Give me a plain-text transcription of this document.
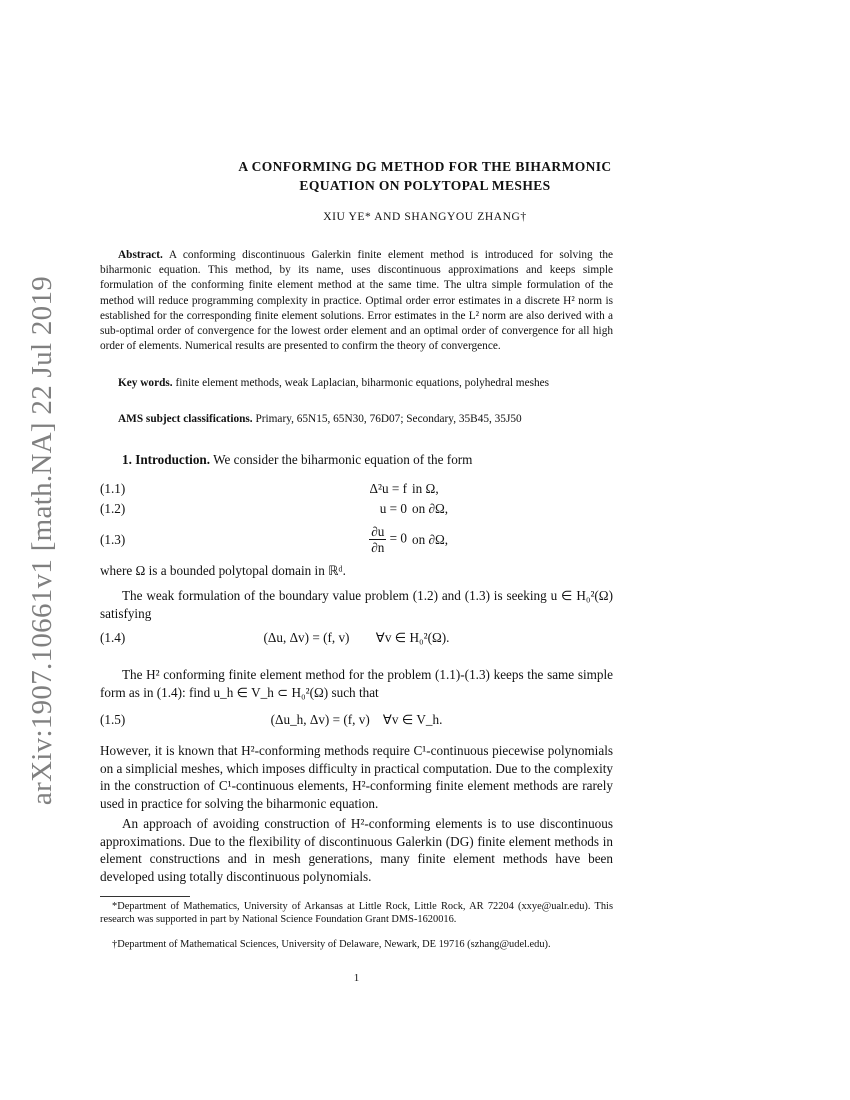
arXiv:1907.10661v1 [math.NA] 22 Jul 2019
A CONFORMING DG METHOD FOR THE BIHARMONIC
EQUATION ON POLYTOPAL MESHES
XIU YE* AND SHANGYOU ZHANG†
Abstract. A conforming discontinuous Galerkin finite element method is introduced for solving the biharmonic equation. This method, by its name, uses discontinuous approximations and keeps simple formulation of the conforming finite element method at the same time. The ultra simple formulation of the method will reduce programming complexity in practice. Optimal order error estimates in a discrete H² norm is established for the corresponding finite element solutions. Error estimates in the L² norm are also derived with a sub-optimal order of convergence for the lowest order element and an optimal order of convergence for all high order of elements. Numerical results are presented to confirm the theory of convergence.
Key words. finite element methods, weak Laplacian, biharmonic equations, polyhedral meshes
AMS subject classifications. Primary, 65N15, 65N30, 76D07; Secondary, 35B45, 35J50
1. Introduction. We consider the biharmonic equation of the form
(1.1)	Δ²u = f in Ω,
(1.2)	u = 0 on ∂Ω,
(1.3)	$\frac{\partial u}{\partial n} = 0$ on ∂Ω,
where Ω is a bounded polytopal domain in ℝᵈ.
The weak formulation of the boundary value problem (1.2) and (1.3) is seeking u ∈ H₀²(Ω) satisfying
(1.4)	(Δu, Δv) = (f, v)        ∀v ∈ H₀²(Ω).
The H² conforming finite element method for the problem (1.1)-(1.3) keeps the same simple form as in (1.4): find u_h ∈ V_h ⊂ H₀²(Ω) such that
(1.5)	(Δu_h, Δv) = (f, v)    ∀v ∈ V_h.
However, it is known that H²-conforming methods require C¹-continuous piecewise polynomials on a simplicial meshes, which imposes difficulty in practical computation. Due to the complexity in the construction of C¹-continuous elements, H²-conforming finite element methods are rarely used in practice for solving the biharmonic equation.
An approach of avoiding construction of H²-conforming elements is to use discontinuous approximations. Due to the flexibility of discontinuous Galerkin (DG) finite element methods in element constructions and in mesh generations, many finite element methods have been developed using totally discontinuous polynomials.
*Department of Mathematics, University of Arkansas at Little Rock, Little Rock, AR 72204 (xxye@ualr.edu). This research was supported in part by National Science Foundation Grant DMS-1620016.
†Department of Mathematical Sciences, University of Delaware, Newark, DE 19716 (szhang@udel.edu).
1
